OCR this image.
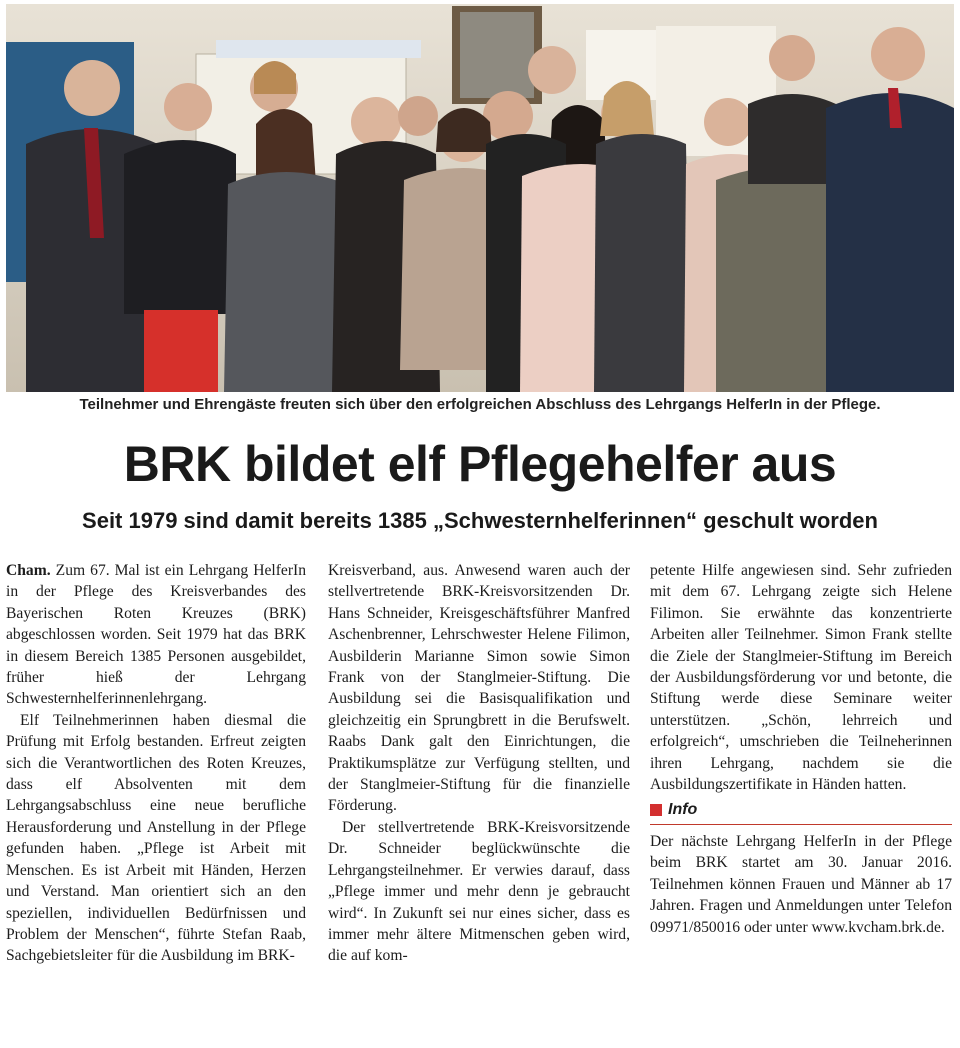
Teilnehmer und Ehrengäste freuten sich über den erfolgreichen Abschluss des Lehrgangs HelferIn in der Pflege.
BRK bildet elf Pflegehelfer aus
Seit 1979 sind damit bereits 1385 „Schwesternhelferinnen“ geschult worden

Cham. Zum 67. Mal ist ein Lehrgang HelferIn in der Pflege des Kreisverbandes des Bayerischen Roten Kreuzes (BRK) abgeschlossen worden. Seit 1979 hat das BRK in diesem Bereich 1385 Personen ausgebildet, früher hieß der Lehrgang Schwesternhelferinnenlehrgang.

Elf Teilnehmerinnen haben diesmal die Prüfung mit Erfolg bestanden. Erfreut zeigten sich die Verantwortlichen des Roten Kreuzes, dass elf Absolventen mit dem Lehrgangsabschluss eine neue berufliche Herausforderung und Anstellung in der Pflege gefunden haben. „Pflege ist Arbeit mit Menschen. Es ist Arbeit mit Händen, Herzen und Verstand. Man orientiert sich an den speziellen, individuellen Bedürfnissen und Problem der Menschen“, führte Stefan Raab, Sachgebietsleiter für die Ausbildung im BRK-

Kreisverband, aus. Anwesend waren auch der stellvertretende BRK-Kreisvorsitzenden Dr. Hans Schneider, Kreisgeschäftsführer Manfred Aschenbrenner, Lehrschwester Helene Filimon, Ausbilderin Marianne Simon sowie Simon Frank von der Stanglmeier-Stiftung. Die Ausbildung sei die Basisqualifikation und gleichzeitig ein Sprungbrett in die Berufswelt. Raabs Dank galt den Einrichtungen, die Praktikumsplätze zur Verfügung stellten, und der Stanglmeier-Stiftung für die finanzielle Förderung.

Der stellvertretende BRK-Kreisvorsitzende Dr. Schneider beglückwünschte die Lehrgangsteilnehmer. Er verwies darauf, dass „Pflege immer und mehr denn je gebraucht wird“. In Zukunft sei nur eines sicher, dass es immer mehr ältere Mitmenschen geben wird, die auf kom-

petente Hilfe angewiesen sind. Sehr zufrieden mit dem 67. Lehrgang zeigte sich Helene Filimon. Sie erwähnte das konzentrierte Arbeiten aller Teilnehmer. Simon Frank stellte die Ziele der Stanglmeier-Stiftung im Bereich der Ausbildungsförderung vor und betonte, die Stiftung werde diese Seminare weiter unterstützen. „Schön, lehrreich und erfolgreich“, umschrieben die Teilneherinnen ihren Lehrgang, nachdem sie die Ausbildungszertifikate in Händen hatten.

Info
Der nächste Lehrgang HelferIn in der Pflege beim BRK startet am 30. Januar 2016. Teilnehmen können Frauen und Männer ab 17 Jahren. Fragen und Anmeldungen unter Telefon 09971/850016 oder unter www.kvcham.brk.de.
